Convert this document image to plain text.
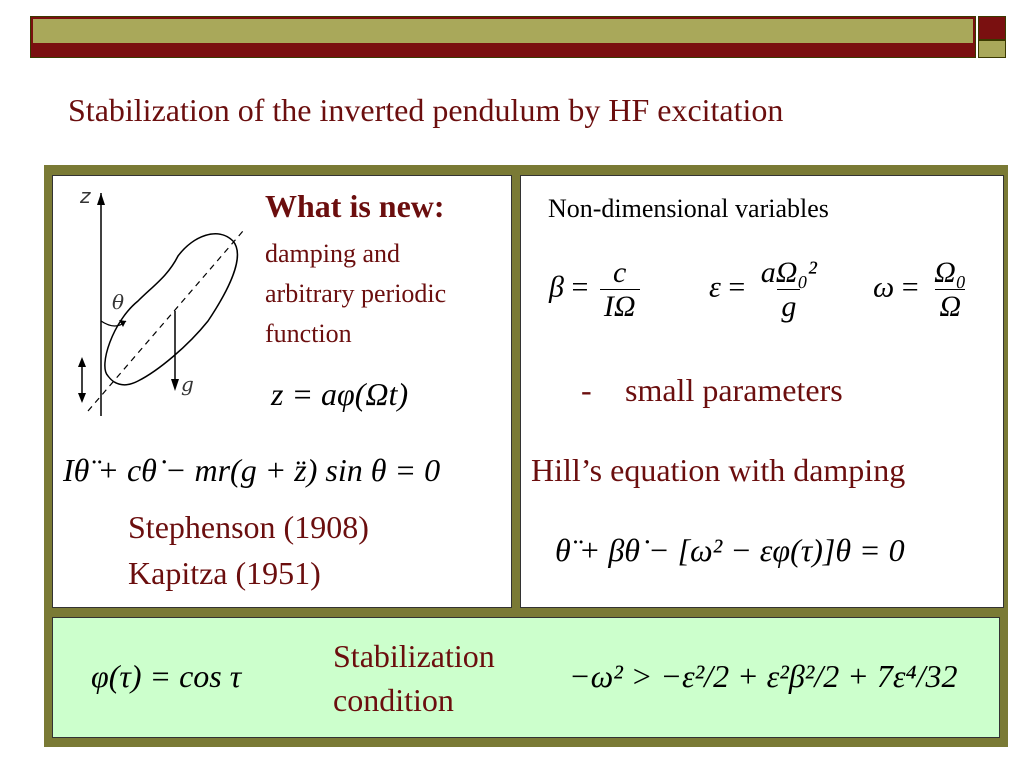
Stabilization of the inverted pendulum by HF excitation
z
θ
g
What is new:
damping and
arbitrary periodic
function
z = aφ(Ωt)
Iθ̈ + cθ̇ − mr(g + z̈) sin θ = 0
Stephenson (1908)
Kapitza (1951)
Non-dimensional variables
$\beta = \frac{c}{I\Omega}$ $\varepsilon = \frac{\text{aΩ₀²}}{g}$ $\omega = \frac{\text{Ω₀}}{\Omega}$
- small parameters
Hill’s equation with damping
θ̈ + βθ̇ − [ω² − εφ(τ)]θ = 0
φ(τ) = cos τ
Stabilization
condition
−ω² > −ε²/2 + ε²β²/2 + 7ε⁴/32
